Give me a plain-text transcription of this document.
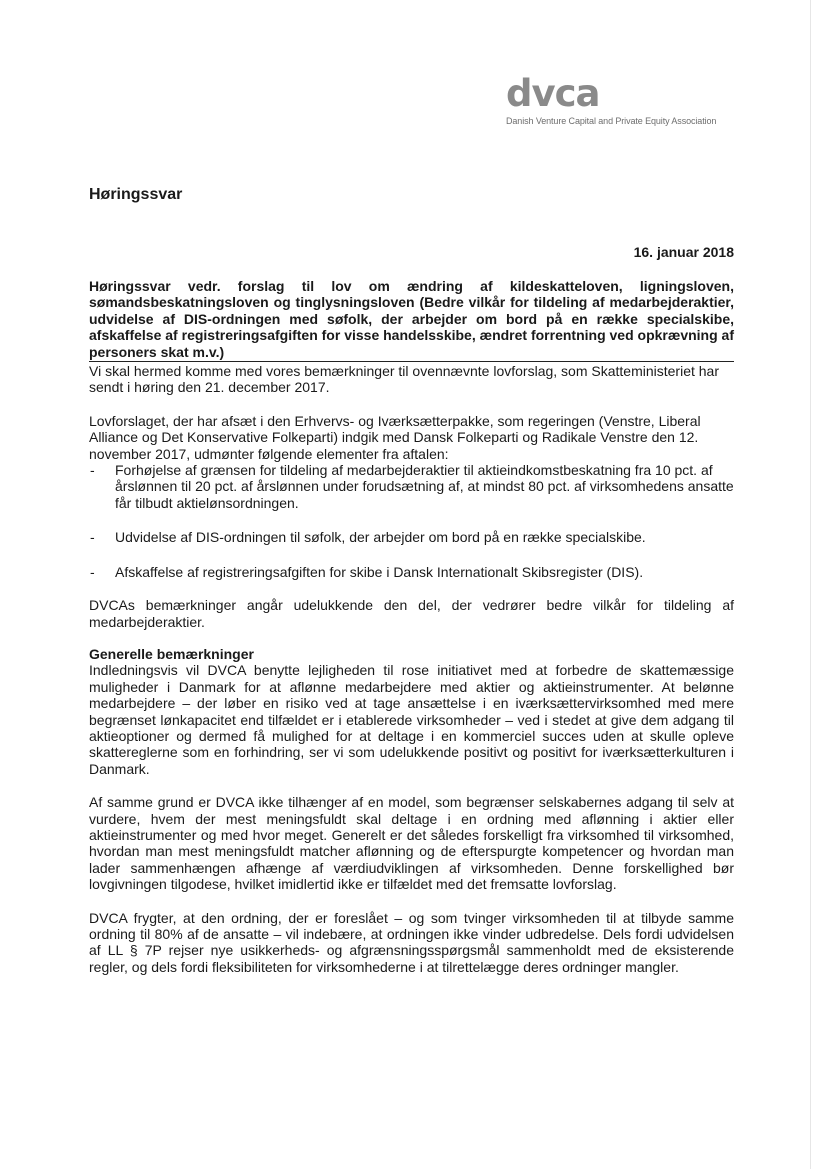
dvca
Danish Venture Capital and Private Equity Association
Høringssvar
16. januar 2018

Høringssvar vedr. forslag til lov om ændring af kildeskatteloven, ligningsloven, sømandsbeskatningsloven og tinglysningsloven (Bedre vilkår for tildeling af medarbejderaktier, udvidelse af DIS-ordningen med søfolk, der arbejder om bord på en række specialskibe, afskaffelse af registreringsafgiften for visse handelsskibe, ændret forrentning ved opkrævning af personers skat m.v.)

Vi skal hermed komme med vores bemærkninger til ovennævnte lovforslag, som Skatteministeriet har sendt i høring den 21. december 2017.

Lovforslaget, der har afsæt i den Erhvervs- og Iværksætterpakke, som regeringen (Venstre, Liberal Alliance og Det Konservative Folkeparti) indgik med Dansk Folkeparti og Radikale Venstre den 12. november 2017, udmønter følgende elementer fra aftalen:

- Forhøjelse af grænsen for tildeling af medarbejderaktier til aktieindkomstbeskatning fra 10 pct. af årslønnen til 20 pct. af årslønnen under forudsætning af, at mindst 80 pct. af virksomhedens ansatte får tilbudt aktielønsordningen.
- Udvidelse af DIS-ordningen til søfolk, der arbejder om bord på en række specialskibe.
- Afskaffelse af registreringsafgiften for skibe i Dansk Internationalt Skibsregister (DIS).

DVCAs bemærkninger angår udelukkende den del, der vedrører bedre vilkår for tildeling af medarbejderaktier.

Generelle bemærkninger

Indledningsvis vil DVCA benytte lejligheden til rose initiativet med at forbedre de skattemæssige muligheder i Danmark for at aflønne medarbejdere med aktier og aktieinstrumenter. At belønne medarbejdere – der løber en risiko ved at tage ansættelse i en iværksættervirksomhed med mere begrænset lønkapacitet end tilfældet er i etablerede virksomheder – ved i stedet at give dem adgang til aktieoptioner og dermed få mulighed for at deltage i en kommerciel succes uden at skulle opleve skattereglerne som en forhindring, ser vi som udelukkende positivt og positivt for iværksætterkulturen i Danmark.

Af samme grund er DVCA ikke tilhænger af en model, som begrænser selskabernes adgang til selv at vurdere, hvem der mest meningsfuldt skal deltage i en ordning med aflønning i aktier eller aktieinstrumenter og med hvor meget. Generelt er det således forskelligt fra virksomhed til virksomhed, hvordan man mest meningsfuldt matcher aflønning og de efterspurgte kompetencer og hvordan man lader sammenhængen afhænge af værdiudviklingen af virksomheden. Denne forskellighed bør lovgivningen tilgodese, hvilket imidlertid ikke er tilfældet med det fremsatte lovforslag.

DVCA frygter, at den ordning, der er foreslået – og som tvinger virksomheden til at tilbyde samme ordning til 80% af de ansatte – vil indebære, at ordningen ikke vinder udbredelse. Dels fordi udvidelsen af LL § 7P rejser nye usikkerheds- og afgrænsningsspørgsmål sammenholdt med de eksisterende regler, og dels fordi fleksibiliteten for virksomhederne i at tilrettelægge deres ordninger mangler.
